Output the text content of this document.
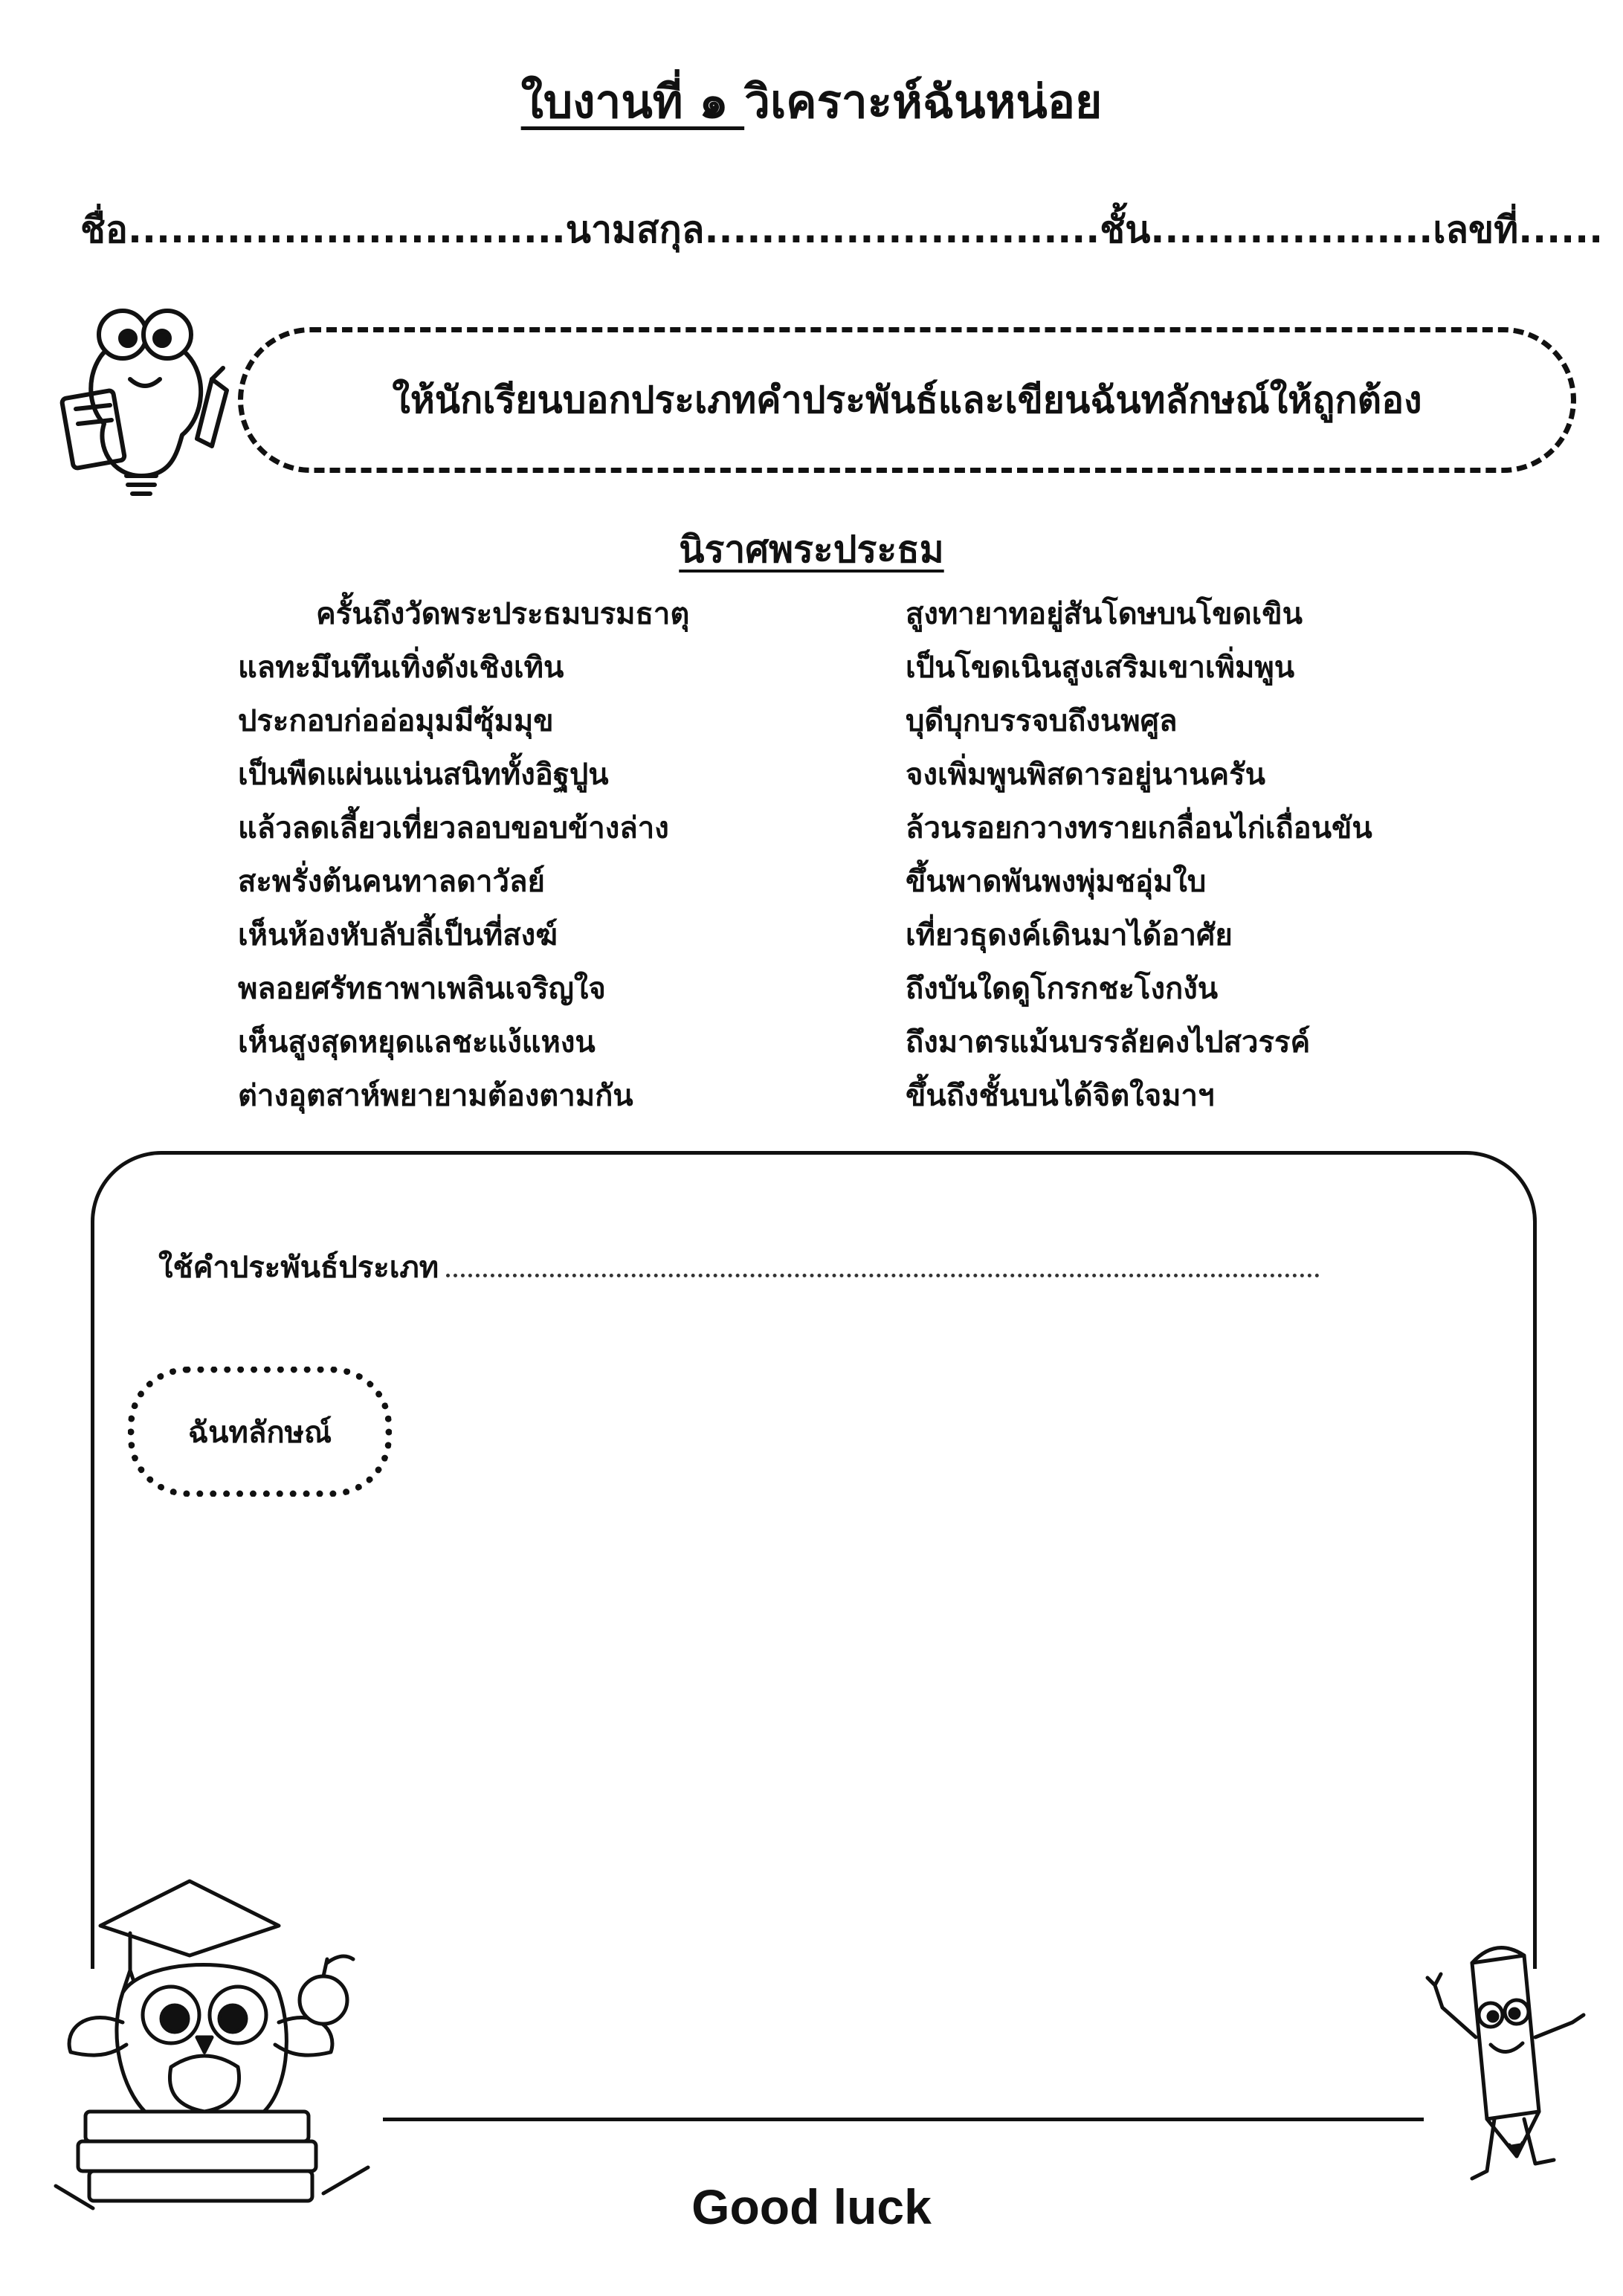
ใบงานที่ ๑ วิเคราะห์ฉันหน่อย
ชื่อ...............................นามสกุล............................ชั้น....................เลขที่......
ให้นักเรียนบอกประเภทคำประพันธ์และเขียนฉันทลักษณ์ให้ถูกต้อง
นิราศพระประธม
ครั้นถึงวัดพระประธมบรมธาตุ
แลทะมึนทึนเทิ่งดังเชิงเทิน
ประกอบก่ออ่อมุมมีซุ้มมุข
เป็นพืดแผ่นแน่นสนิททั้งอิฐปูน
แล้วลดเลี้ยวเที่ยวลอบขอบข้างล่าง
สะพรั่งต้นคนทาลดาวัลย์
เห็นห้องหับลับลี้เป็นที่สงฆ์
พลอยศรัทธาพาเพลินเจริญใจ
เห็นสูงสุดหยุดแลชะแง้แหงน
ต่างอุตสาห์พยายามต้องตามกัน
สูงทายาทอยู่สันโดษบนโขดเขิน
เป็นโขดเนินสูงเสริมเขาเพิ่มพูน
บุดีบุกบรรจบถึงนพศูล
จงเพิ่มพูนพิสดารอยู่นานครัน
ล้วนรอยกวางทรายเกลื่อนไก่เถื่อนขัน
ขึ้นพาดพันพงพุ่มชอุ่มใบ
เที่ยวธุดงค์เดินมาได้อาศัย
ถึงบันใดดูโกรกชะโงกงัน
ถึงมาตรแม้นบรรลัยคงไปสวรรค์
ขึ้นถึงชั้นบนได้จิตใจมาฯ
ใช้คำประพันธ์ประเภท
ฉันทลักษณ์
Good luck
